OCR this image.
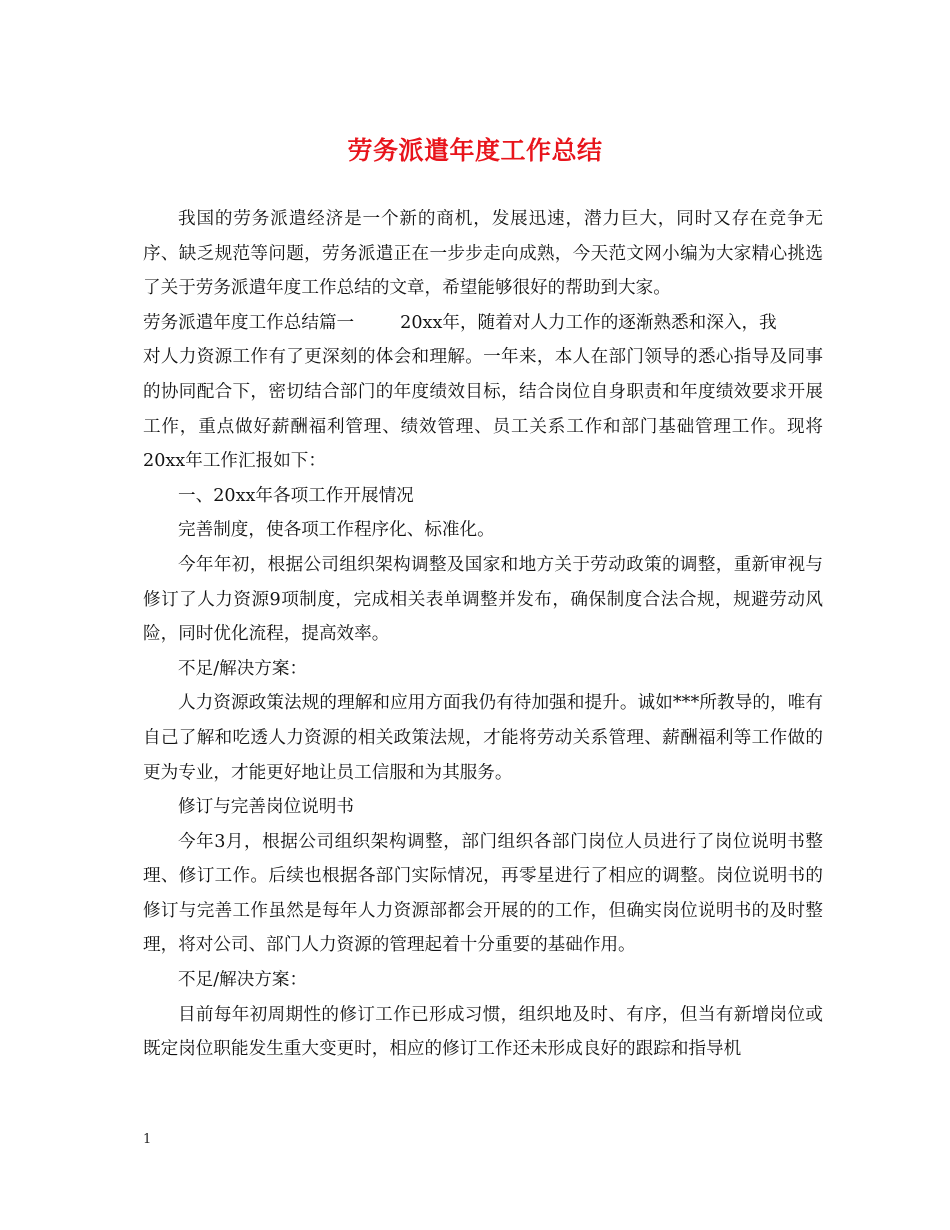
劳务派遣年度工作总结

我国的劳务派遣经济是一个新的商机，发展迅速，潜力巨大，同时又存在竞争无序、缺乏规范等问题，劳务派遣正在一步步走向成熟，今天范文网小编为大家精心挑选了关于劳务派遣年度工作总结的文章，希望能够很好的帮助到大家。

劳务派遣年度工作总结篇一	20xx年，随着对人力工作的逐渐熟悉和深入，我

对人力资源工作有了更深刻的体会和理解。一年来，本人在部门领导的悉心指导及同事的协同配合下，密切结合部门的年度绩效目标，结合岗位自身职责和年度绩效要求开展工作，重点做好薪酬福利管理、绩效管理、员工关系工作和部门基础管理工作。现将20xx年工作汇报如下：

一、20xx年各项工作开展情况

完善制度，使各项工作程序化、标准化。

今年年初，根据公司组织架构调整及国家和地方关于劳动政策的调整，重新审视与修订了人力资源9项制度，完成相关表单调整并发布，确保制度合法合规，规避劳动风险，同时优化流程，提高效率。

不足/解决方案：

人力资源政策法规的理解和应用方面我仍有待加强和提升。诚如***所教导的，唯有自己了解和吃透人力资源的相关政策法规，才能将劳动关系管理、薪酬福利等工作做的更为专业，才能更好地让员工信服和为其服务。

修订与完善岗位说明书

今年3月，根据公司组织架构调整，部门组织各部门岗位人员进行了岗位说明书整理、修订工作。后续也根据各部门实际情况，再零星进行了相应的调整。岗位说明书的修订与完善工作虽然是每年人力资源部都会开展的的工作，但确实岗位说明书的及时整理，将对公司、部门人力资源的管理起着十分重要的基础作用。

不足/解决方案：

目前每年初周期性的修订工作已形成习惯，组织地及时、有序，但当有新增岗位或既定岗位职能发生重大变更时，相应的修订工作还未形成良好的跟踪和指导机

1
